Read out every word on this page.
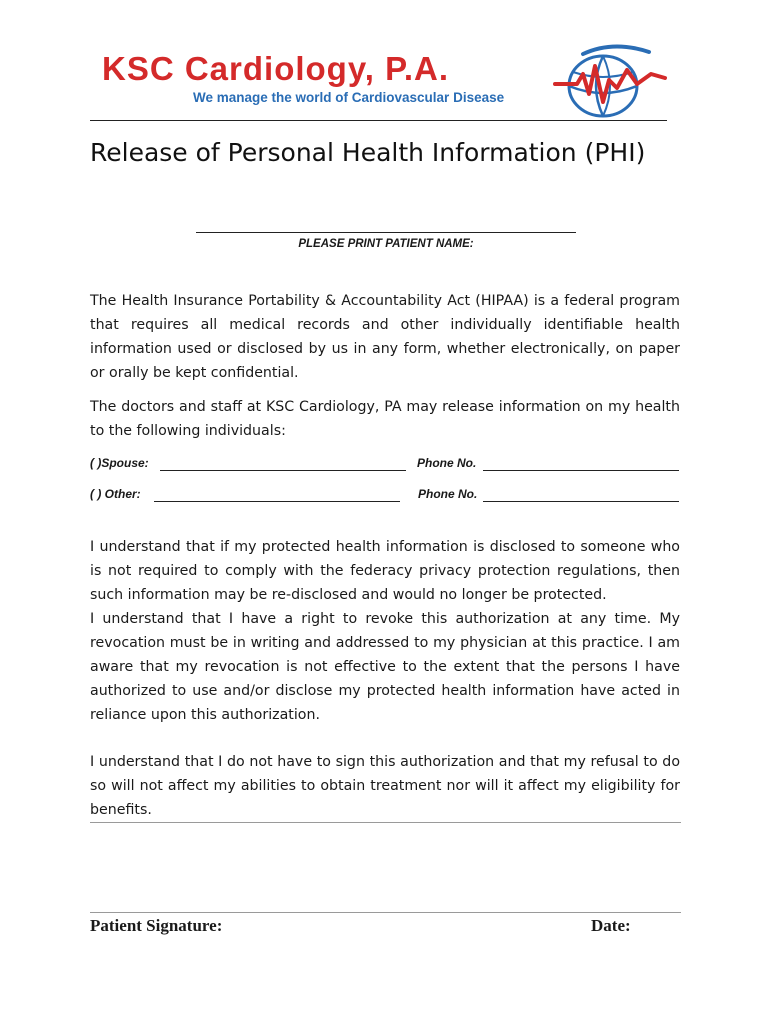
KSC Cardiology, P.A.
We manage the world of Cardiovascular Disease
Release of Personal Health Information (PHI)
PLEASE PRINT PATIENT NAME:
The Health Insurance Portability & Accountability Act (HIPAA) is a federal program that requires all medical records and other individually identifiable health information used or disclosed by us in any form, whether electronically, on paper or orally be kept confidential.
The doctors and staff at KSC Cardiology, PA may release information on my health to the following individuals:
( )Spouse:	Phone No.
( ) Other:	Phone No.
I understand that if my protected health information is disclosed to someone who is not required to comply with the federacy privacy protection regulations, then such information may be re-disclosed and would no longer be protected.
I understand that I have a right to revoke this authorization at any time. My revocation must be in writing and addressed to my physician at this practice. I am aware that my revocation is not effective to the extent that the persons I have authorized to use and/or disclose my protected health information have acted in reliance upon this authorization.
I understand that I do not have to sign this authorization and that my refusal to do so will not affect my abilities to obtain treatment nor will it affect my eligibility for benefits.
Patient Signature:	Date:
